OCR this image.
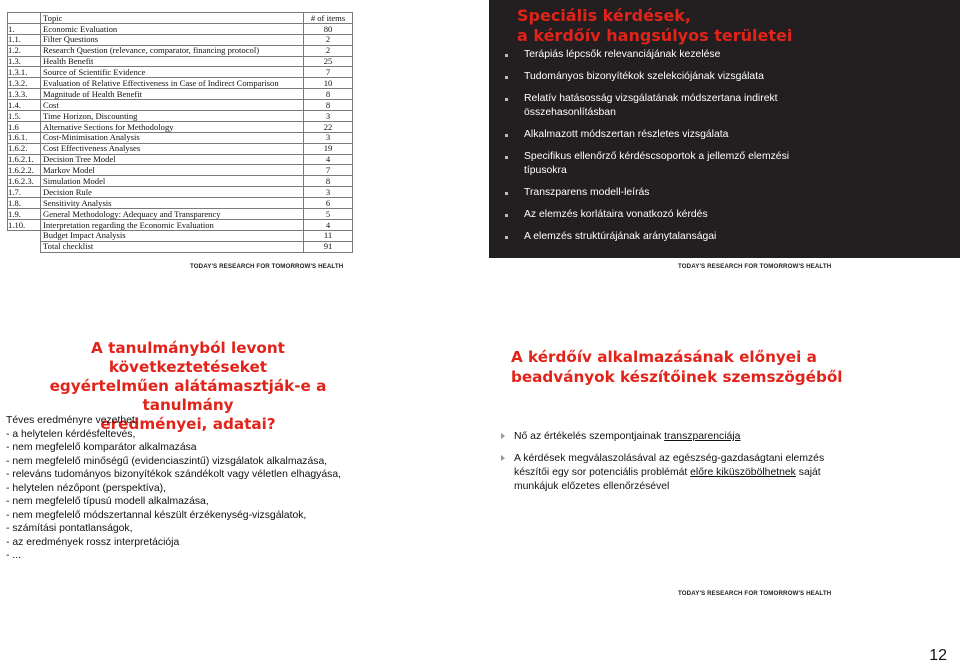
	Topic	# of items
1.	Economic Evaluation	80
1.1.	Filter Questions	2
1.2.	Research Question (relevance, comparator, financing protocol)	2
1.3.	Health Benefit	25
1.3.1.	Source of Scientific Evidence	7
1.3.2.	Evaluation of Relative Effectiveness in Case of Indirect Comparison	10
1.3.3.	Magnitude of Health Benefit	8
1.4.	Cost	8
1.5.	Time Horizon, Discounting	3
1.6	Alternative Sections for Methodology	22
1.6.1.	Cost-Minimisation Analysis	3
1.6.2.	Cost Effectiveness Analyses	19
1.6.2.1.	Decision Tree Model	4
1.6.2.2.	Markov Model	7
1.6.2.3.	Simulation Model	8
1.7.	Decision Rule	3
1.8.	Sensitivity Analysis	6
1.9.	General Methodology: Adequacy and Transparency	5
1.10.	Interpretation regarding the Economic Evaluation	4
	Budget Impact Analysis	11
	Total checklist	91
TODAY'S RESEARCH FOR TOMORROW'S HEALTH
Speciális kérdések,
a kérdőív hangsúlyos területei
Terápiás lépcsők relevanciájának kezelése
Tudományos bizonyítékok szelekciójának vizsgálata
Relatív hatásosság vizsgálatának módszertana indirekt összehasonlításban
Alkalmazott módszertan részletes vizsgálata
Specifikus ellenőrző kérdéscsoportok a jellemző elemzési típusokra
Transzparens modell-leírás
Az elemzés korlátaira vonatkozó kérdés
A elemzés struktúrájának aránytalanságai
TODAY'S RESEARCH FOR TOMORROW'S HEALTH
A tanulmányból levont következtetéseket
egyértelműen alátámasztják-e a tanulmány
eredményei, adatai?
Téves eredményre vezethet:
- a helytelen kérdésfeltevés,
- nem megfelelő komparátor alkalmazása
- nem megfelelő minőségű (evidenciaszintű) vizsgálatok alkalmazása,
- releváns tudományos bizonyítékok szándékolt vagy véletlen elhagyása,
- helytelen nézőpont (perspektíva),
- nem megfelelő típusú modell alkalmazása,
- nem megfelelő módszertannal készült érzékenység-vizsgálatok,
- számítási pontatlanságok,
- az eredmények rossz interpretációja
- ...
A kérdőív alkalmazásának előnyei a
beadványok készítőinek szemszögéből
Nő az értékelés szempontjainak transzparenciája
A kérdések megválaszolásával az egészség-gazdaságtani elemzés készítői egy sor potenciális problémát előre kiküszöbölhetnek saját munkájuk előzetes ellenőrzésével
TODAY'S RESEARCH FOR TOMORROW'S HEALTH
12
